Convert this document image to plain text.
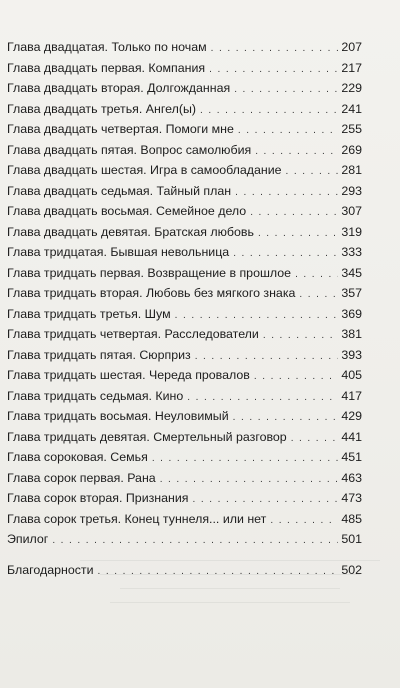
Глава двадцатая. Только по ночам . . .	207
Глава двадцать первая. Компания . . .	217
Глава двадцать вторая. Долгожданная . . .	229
Глава двадцать третья. Ангел(ы) . . .	241
Глава двадцать четвертая. Помоги мне . . .	255
Глава двадцать пятая. Вопрос самолюбия . . .	269
Глава двадцать шестая. Игра в самообладание . . .	281
Глава двадцать седьмая. Тайный план . . .	293
Глава двадцать восьмая. Семейное дело . . .	307
Глава двадцать девятая. Братская любовь . . .	319
Глава тридцатая. Бывшая невольница . . .	333
Глава тридцать первая. Возвращение в прошлое . . .	345
Глава тридцать вторая. Любовь без мягкого знака . . .	357
Глава тридцать третья. Шум . . .	369
Глава тридцать четвертая. Расследователи . . .	381
Глава тридцать пятая. Сюрприз . . .	393
Глава тридцать шестая. Череда провалов . . .	405
Глава тридцать седьмая. Кино . . .	417
Глава тридцать восьмая. Неуловимый . . .	429
Глава тридцать девятая. Смертельный разговор . . .	441
Глава сороковая. Семья . . .	451
Глава сорок первая. Рана . . .	463
Глава сорок вторая. Признания . . .	473
Глава сорок третья. Конец туннеля... или нет . . .	485
Эпилог . . .	501
Благодарности . . .	502
